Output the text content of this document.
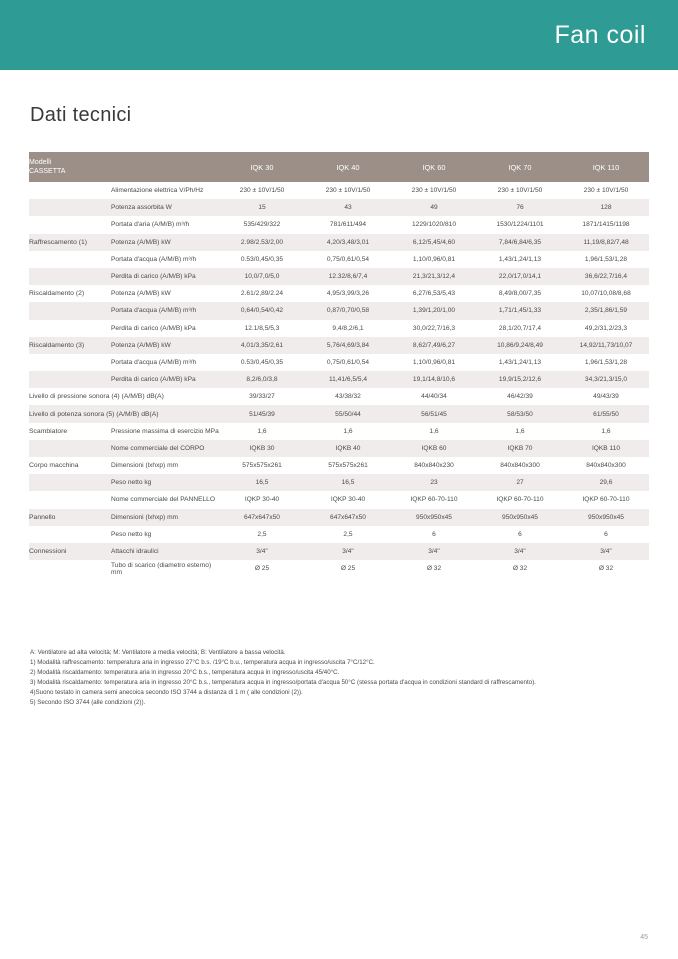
Fan coil
Dati tecnici
Modelli
CASSETTA		IQK 30	IQK 40	IQK 60	IQK 70	IQK 110
	Alimentazione elettrica V/Ph/Hz	230 ± 10V/1/50	230 ± 10V/1/50	230 ± 10V/1/50	230 ± 10V/1/50	230 ± 10V/1/50
	Potenza assorbita W	15	43	49	76	128
	Portata d'aria (A/M/B) m³/h	535/429/322	781/611/494	1229/1020/810	1530/1224/1101	1871/1415/1198
Raffrescamento (1)	Potenza (A/M/B) kW	2.98/2.53/2,00	4,20/3,48/3,01	6,12/5,45/4,60	7,84/6,84/6,35	11,19/8,82/7,48
	Portata d'acqua (A/M/B) m³/h	0.53/0,45/0,35	0,75/0,61/0,54	1,10/0,96/0,81	1,43/1,24/1,13	1,96/1,53/1,28
	Perdita di carico (A/M/B) kPa	10,0/7,0/5,0	12.32/8,6/7,4	21,3/21,3/12,4	22,0/17,0/14,1	36,6/22,7/16,4
Riscaldamento (2)	Potenza (A/M/B) kW	2.61/2,89/2.24	4,95/3,99/3,26	6,27/6,53/5,43	8,49/8,00/7,35	10,07/10,08/8,68
	Portata d'acqua (A/M/B) m³/h	0,64/0,54/0,42	0,87/0,70/0,58	1,39/1,20/1,00	1,71/1,45/1,33	2,35/1,86/1,59
	Perdita di carico (A/M/B) kPa	12.1/8,5/5,3	9,4/8,2/6,1	30,0/22,7/16,3	28,1/20,7/17,4	49,2/31,2/23,3
Riscaldamento (3)	Potenza (A/M/B) kW	4,01/3,35/2,61	5,76/4,69/3,84	8,62/7,49/6,27	10,86/9,24/8,49	14,92/11,73/10,07
	Portata d'acqua (A/M/B) m³/h	0.53/0,45/0,35	0,75/0,61/0,54	1,10/0,96/0,81	1,43/1,24/1,13	1,96/1,53/1,28
	Perdita di carico (A/M/B) kPa	8,2/6,0/3,8	11,41/6,5/5,4	19,1/14,8/10,6	19,9/15,2/12,6	34,3/21,3/15,0
Livello di pressione sonora (4) (A/M/B) dB(A)		39/33/27	43/38/32	44/40/34	46/42/39	49/43/39
Livello di potenza sonora (5) (A/M/B) dB(A)		51/45/39	55/50/44	56/51/45	58/53/50	61/55/50
Scambiatore	Pressione massima di esercizio MPa	1,6	1,6	1,6	1,6	1,6
	Nome commerciale del CORPO	IQKB 30	IQKB 40	IQKB 60	IQKB 70	IQKB 110
Corpo macchina	Dimensioni (lxhxp) mm	575x575x261	575x575x261	840x840x230	840x840x300	840x840x300
	Peso netto kg	16,5	16,5	23	27	29,6
	Nome commerciale del PANNELLO	IQKP 30-40	IQKP 30-40	IQKP 60-70-110	IQKP 60-70-110	IQKP 60-70-110
Pannello	Dimensioni (lxhxp) mm	647x647x50	647x647x50	950x950x45	950x950x45	950x950x45
	Peso netto kg	2,5	2,5	6	6	6
Connessioni	Attacchi idraulici	3/4"	3/4"	3/4"	3/4"	3/4"
	Tubo di scarico (diametro esterno) mm	Ø 25	Ø 25	Ø 32	Ø 32	Ø 32
A: Ventilatore ad alta velocità; M: Ventilatore a media velocità; B: Ventilatore a bassa velocità.
1) Modalità raffrescamento: temperatura aria in ingresso 27°C b.s. /19°C b.u., temperatura acqua in ingresso/uscita 7°C/12°C.
2) Modalità riscaldamento: temperatura aria in ingresso 20°C b.s., temperatura acqua in ingresso/uscita 45/40°C.
3) Modalità riscaldamento: temperatura aria in ingresso 20°C b.s., temperatura acqua in ingresso/portata d'acqua 50°C (stessa portata d'acqua in condizioni standard di raffrescamento).
4)Suono testato in camera semi anecoica secondo ISO 3744 a distanza di 1 m ( alle condizioni (2)).
5) Secondo ISO 3744 (alle condizioni (2)).
45
